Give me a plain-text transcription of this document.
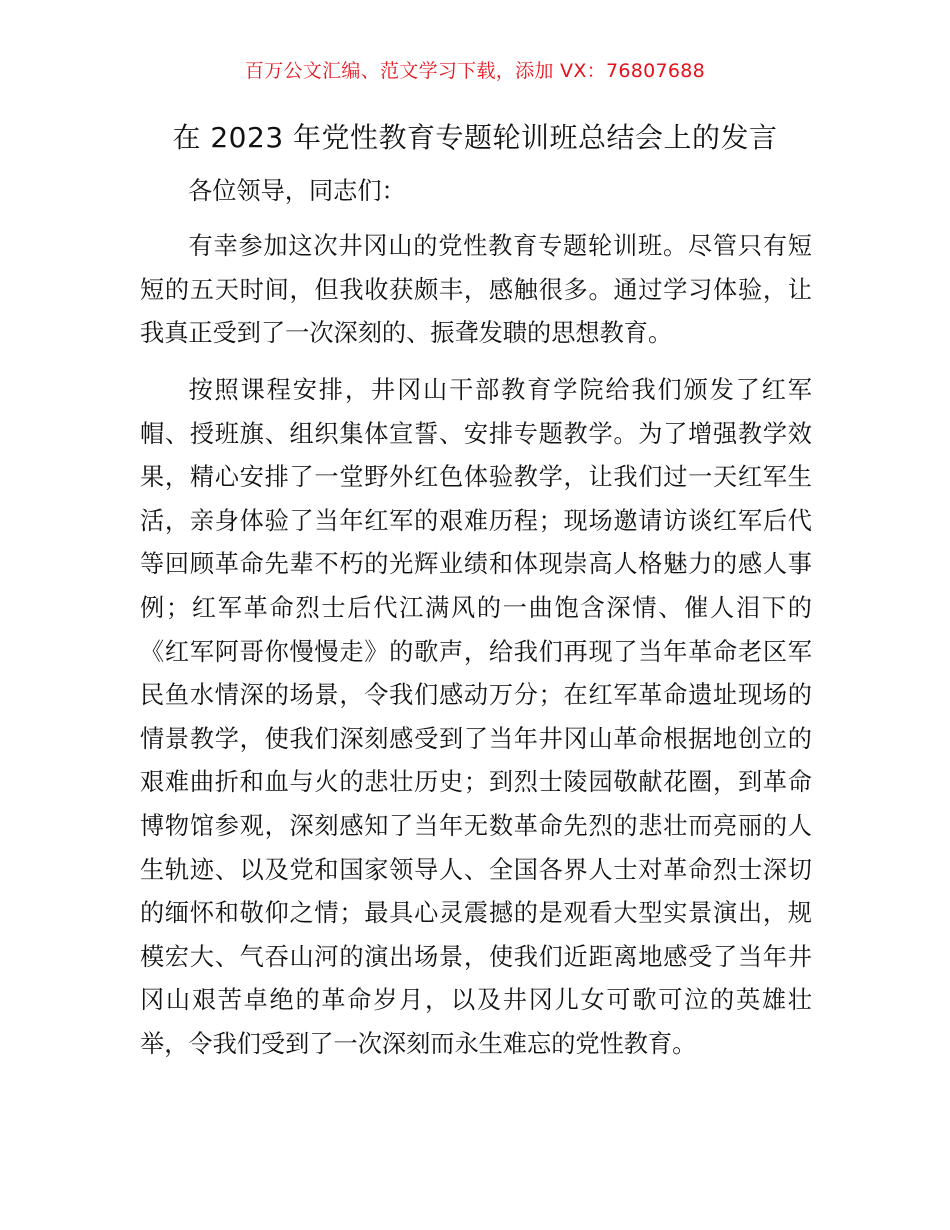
百万公文汇编、范文学习下载，添加 VX：76807688
在 2023 年党性教育专题轮训班总结会上的发言
各位领导，同志们：

有幸参加这次井冈山的党性教育专题轮训班。尽管只有短短的五天时间，但我收获颇丰，感触很多。通过学习体验，让我真正受到了一次深刻的、振聋发聩的思想教育。

按照课程安排，井冈山干部教育学院给我们颁发了红军帽、授班旗、组织集体宣誓、安排专题教学。为了增强教学效果，精心安排了一堂野外红色体验教学，让我们过一天红军生活，亲身体验了当年红军的艰难历程；现场邀请访谈红军后代等回顾革命先辈不朽的光辉业绩和体现崇高人格魅力的感人事例；红军革命烈士后代江满风的一曲饱含深情、催人泪下的《红军阿哥你慢慢走》的歌声，给我们再现了当年革命老区军民鱼水情深的场景，令我们感动万分；在红军革命遗址现场的情景教学，使我们深刻感受到了当年井冈山革命根据地创立的艰难曲折和血与火的悲壮历史；到烈士陵园敬献花圈，到革命博物馆参观，深刻感知了当年无数革命先烈的悲壮而亮丽的人生轨迹、以及党和国家领导人、全国各界人士对革命烈士深切的缅怀和敬仰之情；最具心灵震撼的是观看大型实景演出，规模宏大、气吞山河的演出场景，使我们近距离地感受了当年井冈山艰苦卓绝的革命岁月，以及井冈儿女可歌可泣的英雄壮举，令我们受到了一次深刻而永生难忘的党性教育。
